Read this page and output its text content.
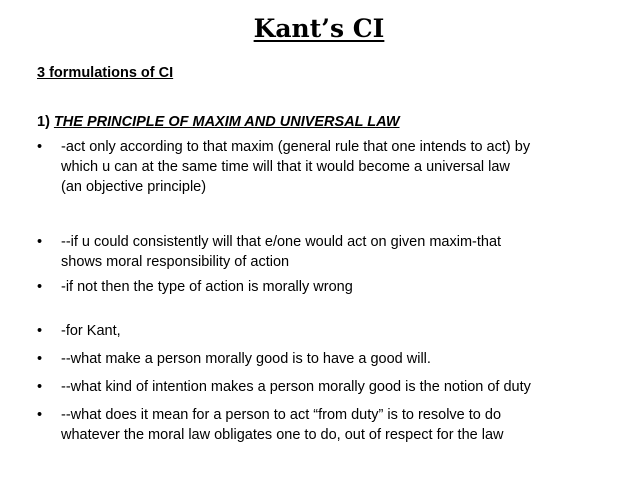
Kant’s CI
3 formulations of CI
1) THE PRINCIPLE OF MAXIM AND UNIVERSAL LAW
•	-act only according to that maxim (general rule that one intends to act) by
which u can at the same time will that it would become a universal law
(an objective principle)
•	--if u could consistently will that e/one would act on given maxim-that
shows moral responsibility of action
•	-if not then the type of action is morally wrong
•	-for Kant,
•	--what make a person morally good is to have a good will.
•	--what kind of intention makes a person morally good is the notion of duty
•	--what does it mean for a person to act “from duty” is to resolve to do
whatever the moral law obligates one to do, out of respect for the law
